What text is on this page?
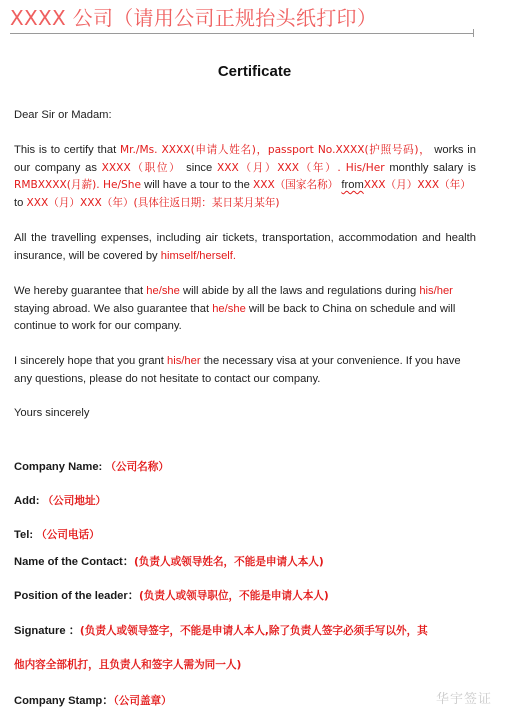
XXXX 公司（请用公司正规抬头纸打印）
Certificate
Dear Sir or Madam:
This is to certify that Mr./Ms. XXXX(申请人姓名)，passport No.XXXX(护照号码)， works in our company as XXXX（职位） since XXX（月）XXX（年）. His/Her monthly salary is RMBXXXX(月薪). He/She will have a tour to the XXX（国家名称） fromXXX（月）XXX（年）
to XXX（月）XXX（年）(具体往返日期：某日某月某年)
All the travelling expenses, including air tickets, transportation, accommodation and health insurance, will be covered by himself/herself.
We hereby guarantee that he/she will abide by all the laws and regulations during his/her staying abroad. We also guarantee that he/she will be back to China on schedule and will continue to work for our company.
I sincerely hope that you grant his/her the necessary visa at your convenience. If you have any questions, please do not hesitate to contact our company.
Yours sincerely
Company Name: （公司名称）
Add: （公司地址）
Tel: （公司电话）
Name of the Contact：(负责人或领导姓名，不能是申请人本人)
Position of the leader：(负责人或领导职位，不能是申请人本人)
Signature ：(负责人或领导签字，不能是申请人本人,除了负责人签字必须手写以外，其
他内容全部机打，且负责人和签字人需为同一人)
Company Stamp：（公司盖章）	华宇签证
